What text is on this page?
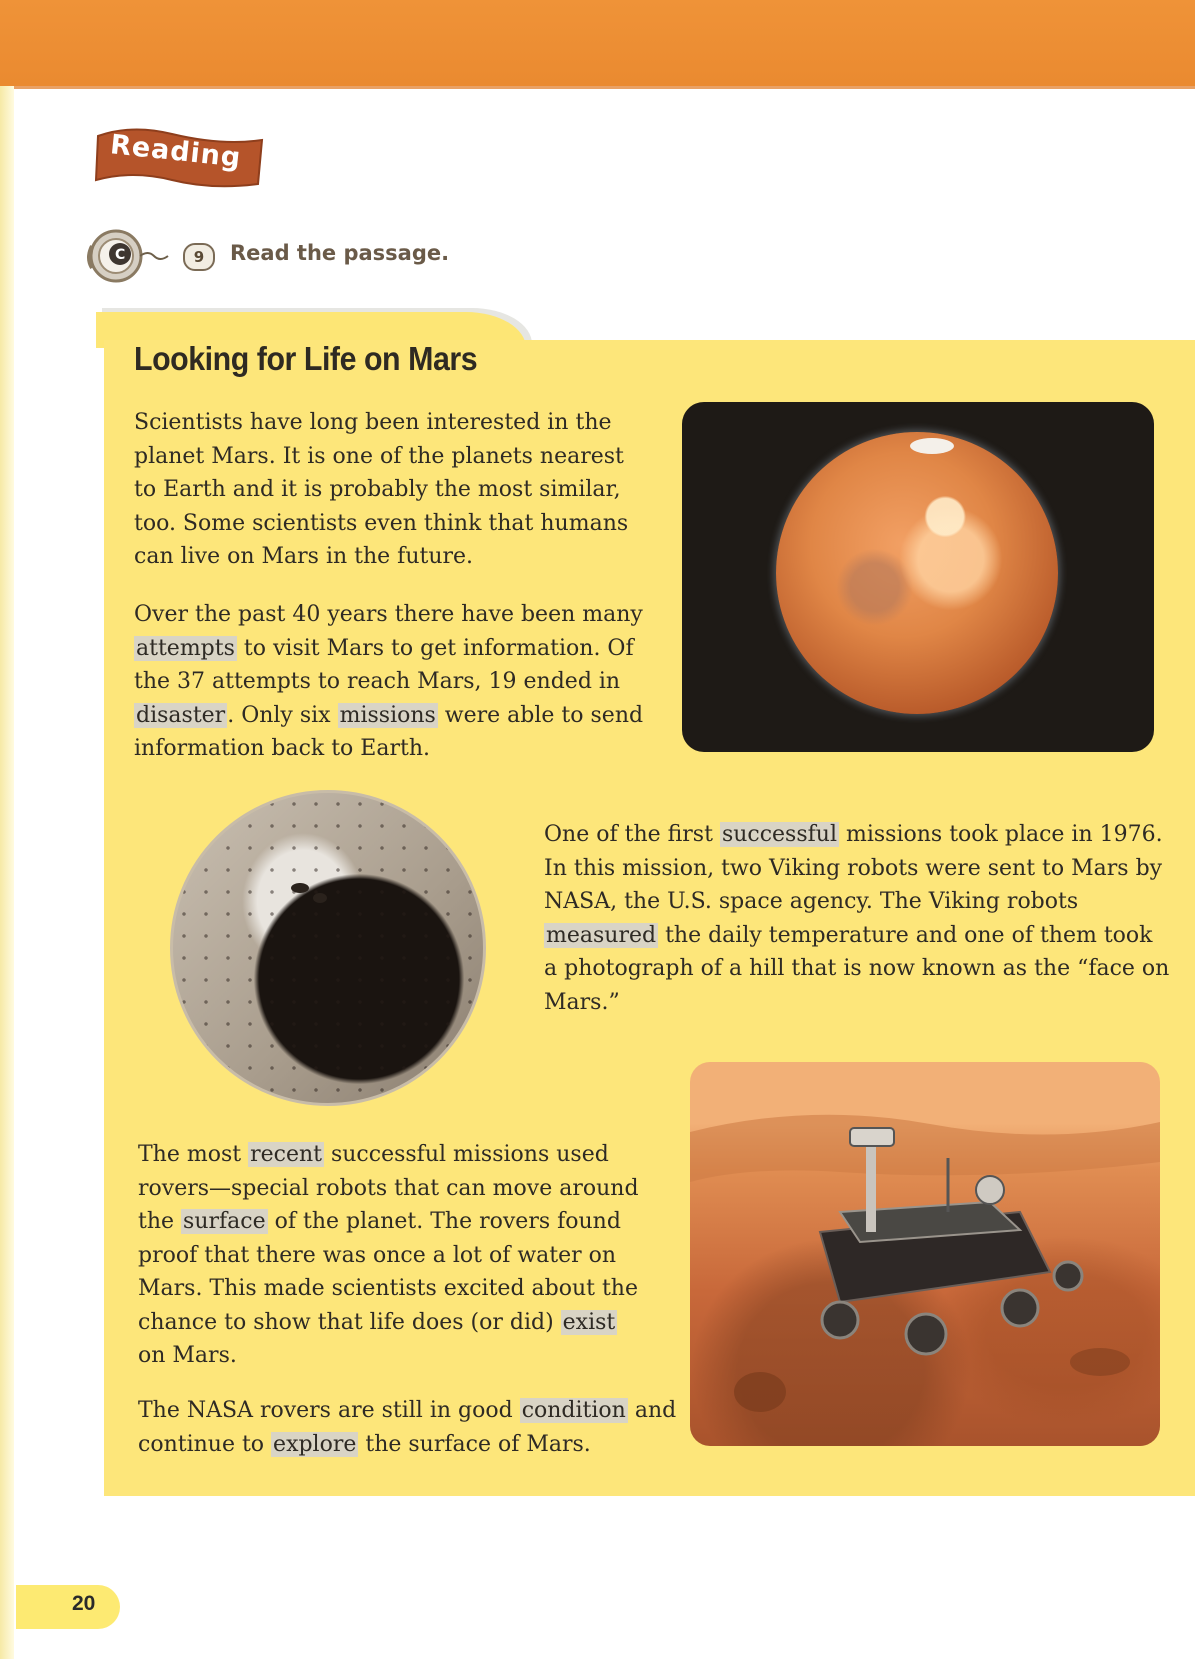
Reading
C	9	Read the passage.
Looking for Life on Mars

Scientists have long been interested in the planet Mars. It is one of the planets nearest to Earth and it is probably the most similar, too. Some scientists even think that humans can live on Mars in the future.

Over the past 40 years there have been many attempts to visit Mars to get information. Of the 37 attempts to reach Mars, 19 ended in disaster. Only six missions were able to send information back to Earth.

One of the first successful missions took place in 1976. In this mission, two Viking robots were sent to Mars by NASA, the U.S. space agency. The Viking robots measured the daily temperature and one of them took a photograph of a hill that is now known as the “face on Mars.”

The most recent successful missions used rovers—special robots that can move around the surface of the planet. The rovers found proof that there was once a lot of water on Mars. This made scientists excited about the chance to show that life does (or did) exist on Mars.

The NASA rovers are still in good condition and continue to explore the surface of Mars.

20
